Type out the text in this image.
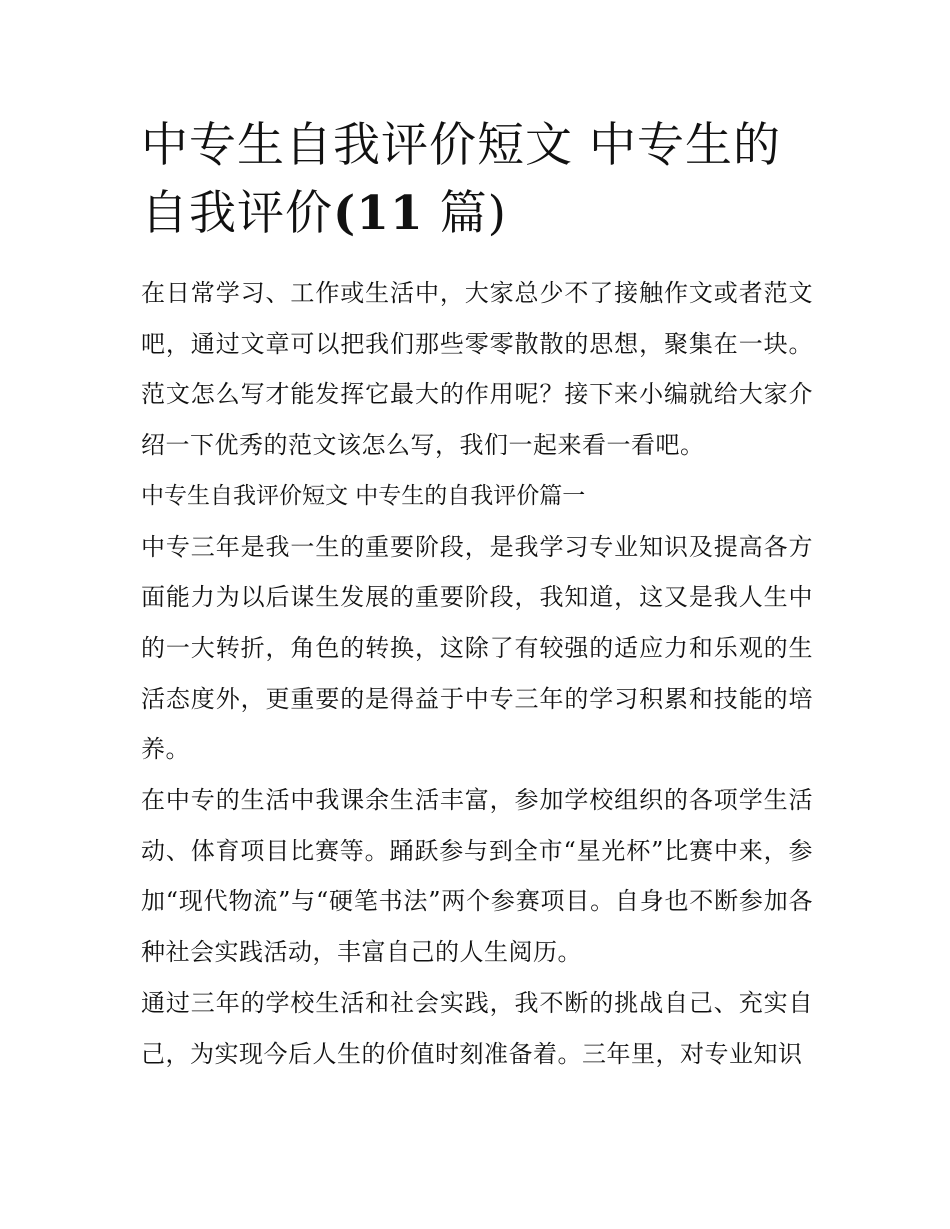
中专生自我评价短文 中专生的自我评价(11 篇)

在日常学习、工作或生活中，大家总少不了接触作文或者范文吧，通过文章可以把我们那些零零散散的思想，聚集在一块。范文怎么写才能发挥它最大的作用呢？接下来小编就给大家介绍一下优秀的范文该怎么写，我们一起来看一看吧。

中专生自我评价短文 中专生的自我评价篇一

中专三年是我一生的重要阶段，是我学习专业知识及提高各方面能力为以后谋生发展的重要阶段，我知道，这又是我人生中的一大转折，角色的转换，这除了有较强的适应力和乐观的生活态度外，更重要的是得益于中专三年的学习积累和技能的培养。

在中专的生活中我课余生活丰富，参加学校组织的各项学生活动、体育项目比赛等。踊跃参与到全市“星光杯”比赛中来，参加“现代物流”与“硬笔书法”两个参赛项目。自身也不断参加各种社会实践活动，丰富自己的人生阅历。

通过三年的学校生活和社会实践，我不断的挑战自己、充实自己，为实现今后人生的价值时刻准备着。三年里，对专业知识
